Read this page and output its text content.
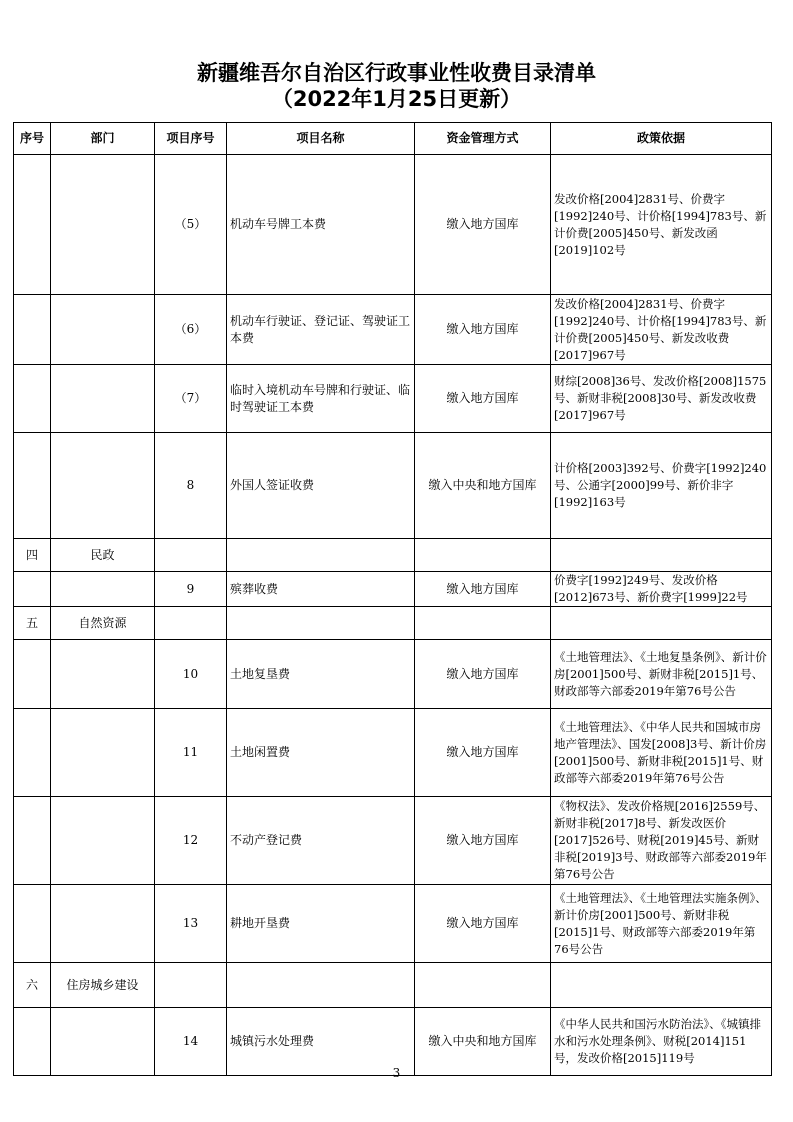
新疆维吾尔自治区行政事业性收费目录清单
（2022年1月25日更新）
序号	部门	项目序号	项目名称	资金管理方式	政策依据
		（5）	机动车号牌工本费	缴入地方国库	发改价格[2004]2831号、价费字[1992]240号、计价格[1994]783号、新计价费[2005]450号、新发改函[2019]102号
		（6）	机动车行驶证、登记证、驾驶证工本费	缴入地方国库	发改价格[2004]2831号、价费字[1992]240号、计价格[1994]783号、新计价费[2005]450号、新发改收费[2017]967号
		（7）	临时入境机动车号牌和行驶证、临时驾驶证工本费	缴入地方国库	财综[2008]36号、发改价格[2008]1575号、新财非税[2008]30号、新发改收费[2017]967号
		8	外国人签证收费	缴入中央和地方国库	计价格[2003]392号、价费字[1992]240号、公通字[2000]99号、新价非字[1992]163号
四	民政				
		9	殡葬收费	缴入地方国库	价费字[1992]249号、发改价格[2012]673号、新价费字[1999]22号
五	自然资源				
		10	土地复垦费	缴入地方国库	《土地管理法》、《土地复垦条例》、新计价房[2001]500号、新财非税[2015]1号、财政部等六部委2019年第76号公告
		11	土地闲置费	缴入地方国库	《土地管理法》、《中华人民共和国城市房地产管理法》、国发[2008]3号、新计价房[2001]500号、新财非税[2015]1号、财政部等六部委2019年第76号公告
		12	不动产登记费	缴入地方国库	《物权法》、发改价格规[2016]2559号、新财非税[2017]8号、新发改医价[2017]526号、财税[2019]45号、新财非税[2019]3号、财政部等六部委2019年第76号公告
		13	耕地开垦费	缴入地方国库	《土地管理法》、《土地管理法实施条例》、新计价房[2001]500号、新财非税[2015]1号、财政部等六部委2019年第76号公告
六	住房城乡建设				
		14	城镇污水处理费	缴入中央和地方国库	《中华人民共和国污水防治法》、《城镇排水和污水处理条例》、财税[2014]151号，发改价格[2015]119号
3
